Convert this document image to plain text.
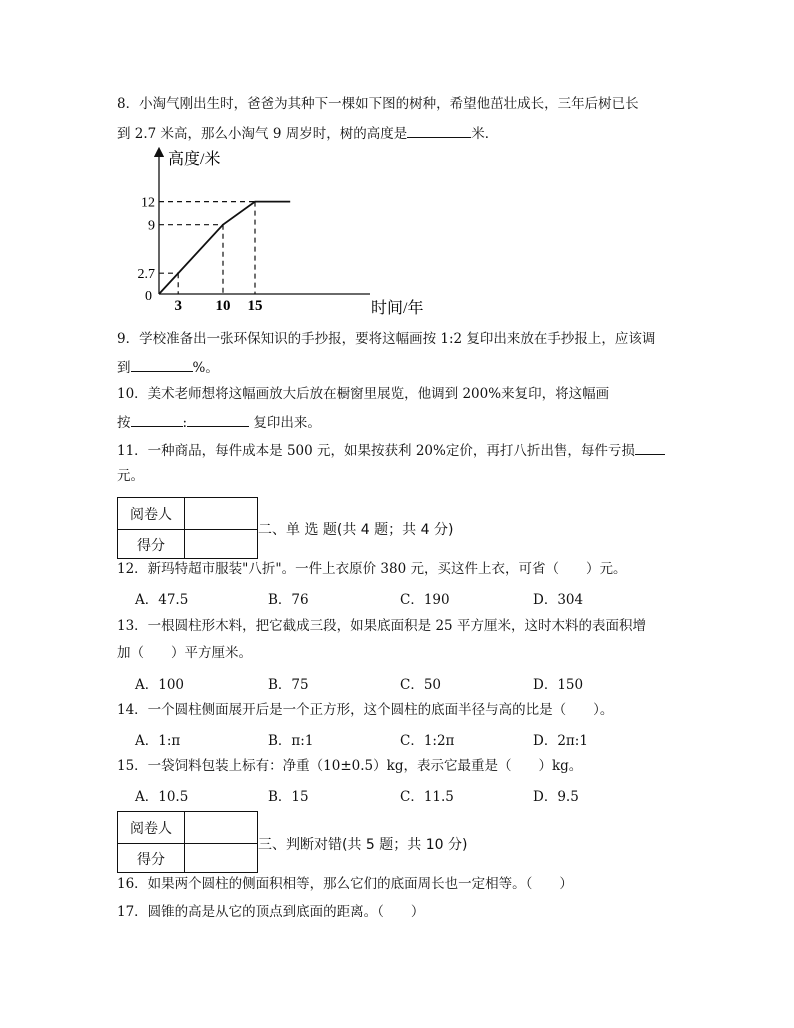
8．小淘气刚出生时，爸爸为其种下一棵如下图的树种，希望他茁壮成长，三年后树已长
到 2.7 米高，那么小淘气 9 周岁时，树的高度是	米．
高度/米
时间/年
0
3 10 15
2.7
9
12
9．学校准备出一张环保知识的手抄报，要将这幅画按 1:2 复印出来放在手抄报上，应该调
到	%。
10．美术老师想将这幅画放大后放在橱窗里展览，他调到 200%来复印，将这幅画
按	:	复印出来。
11．一种商品，每件成本是 500 元，如果按获利 20%定价，再打八折出售，每件亏损
元。
阅卷人
得分
二、单 选 题(共 4 题；共 4 分)
12．新玛特超市服装"八折"。一件上衣原价 380 元，买这件上衣，可省（　　）元。
A．47.5	B．76	C．190	D．304
13．一根圆柱形木料，把它截成三段，如果底面积是 25 平方厘米，这时木料的表面积增
加（　　）平方厘米。
A．100	B．75	C．50	D．150
14．一个圆柱侧面展开后是一个正方形，这个圆柱的底面半径与高的比是（　　）。
A．1:π	B．π:1	C．1:2π	D．2π:1
15．一袋饲料包装上标有：净重（10±0.5）kg，表示它最重是（　　）kg。
A．10.5	B．15	C．11.5	D．9.5
阅卷人
得分
三、判断对错(共 5 题；共 10 分)
16．如果两个圆柱的侧面积相等，那么它们的底面周长也一定相等。（　　）
17．圆锥的高是从它的顶点到底面的距离。（　　）
